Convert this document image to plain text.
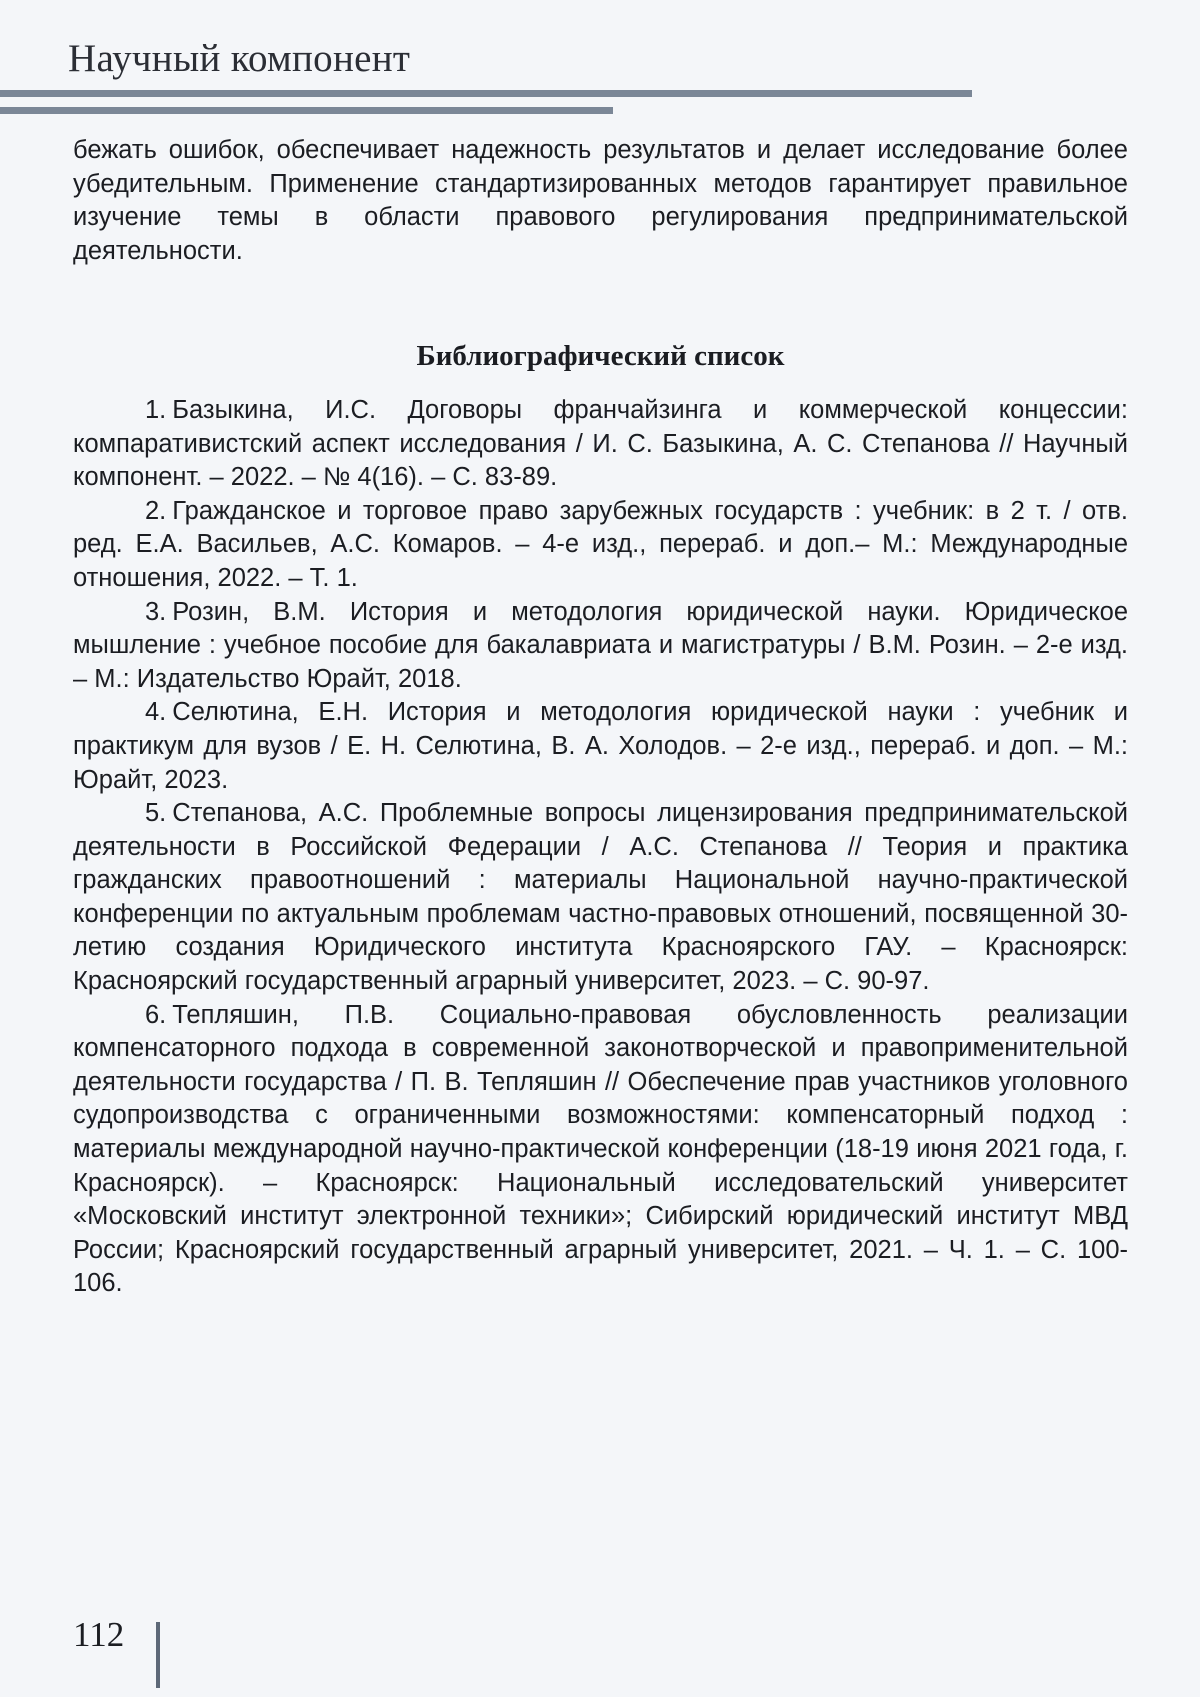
Научный компонент

бежать ошибок, обеспечивает надежность результатов и делает исследование более убедительным. Применение стандартизированных методов гарантирует правильное изучение темы в области правового регулирования предпринимательской деятельности.

Библиографический список
1. Базыкина, И.С. Договоры франчайзинга и коммерческой концессии: компаративистский аспект исследования / И. С. Базыкина, А. С. Степанова // Научный компонент. – 2022. – № 4(16). – С. 83-89.
2. Гражданское и торговое право зарубежных государств : учебник: в 2 т. / отв. ред. Е.А. Васильев, А.С. Комаров. – 4-е изд., перераб. и доп.– М.: Международные отношения, 2022. – Т. 1.
3. Розин, В.М. История и методология юридической науки. Юридическое мышление : учебное пособие для бакалавриата и магистратуры / В.М. Розин. – 2-е изд. – М.: Издательство Юрайт, 2018.
4. Селютина, Е.Н. История и методология юридической науки : учебник и практикум для вузов / Е. Н. Селютина, В. А. Холодов. – 2-е изд., перераб. и доп. – М.: Юрайт, 2023.
5. Степанова, А.С. Проблемные вопросы лицензирования предпринимательской деятельности в Российской Федерации / А.С. Степанова // Теория и практика гражданских правоотношений : материалы Национальной научно-практической конференции по актуальным проблемам частно-правовых отношений, посвященной 30-летию создания Юридического института Красноярского ГАУ. – Красноярск: Красноярский государственный аграрный университет, 2023. – С. 90-97.
6. Тепляшин, П.В. Социально-правовая обусловленность реализации компенсаторного подхода в современной законотворческой и правоприменительной деятельности государства / П. В. Тепляшин // Обеспечение прав участников уголовного судопроизводства с ограниченными возможностями: компенсаторный подход : материалы международной научно-практической конференции (18-19 июня 2021 года, г. Красноярск). – Красноярск: Национальный исследовательский университет «Московский институт электронной техники»; Сибирский юридический институт МВД России; Красноярский государственный аграрный университет, 2021. – Ч. 1. – С. 100-106.
112
